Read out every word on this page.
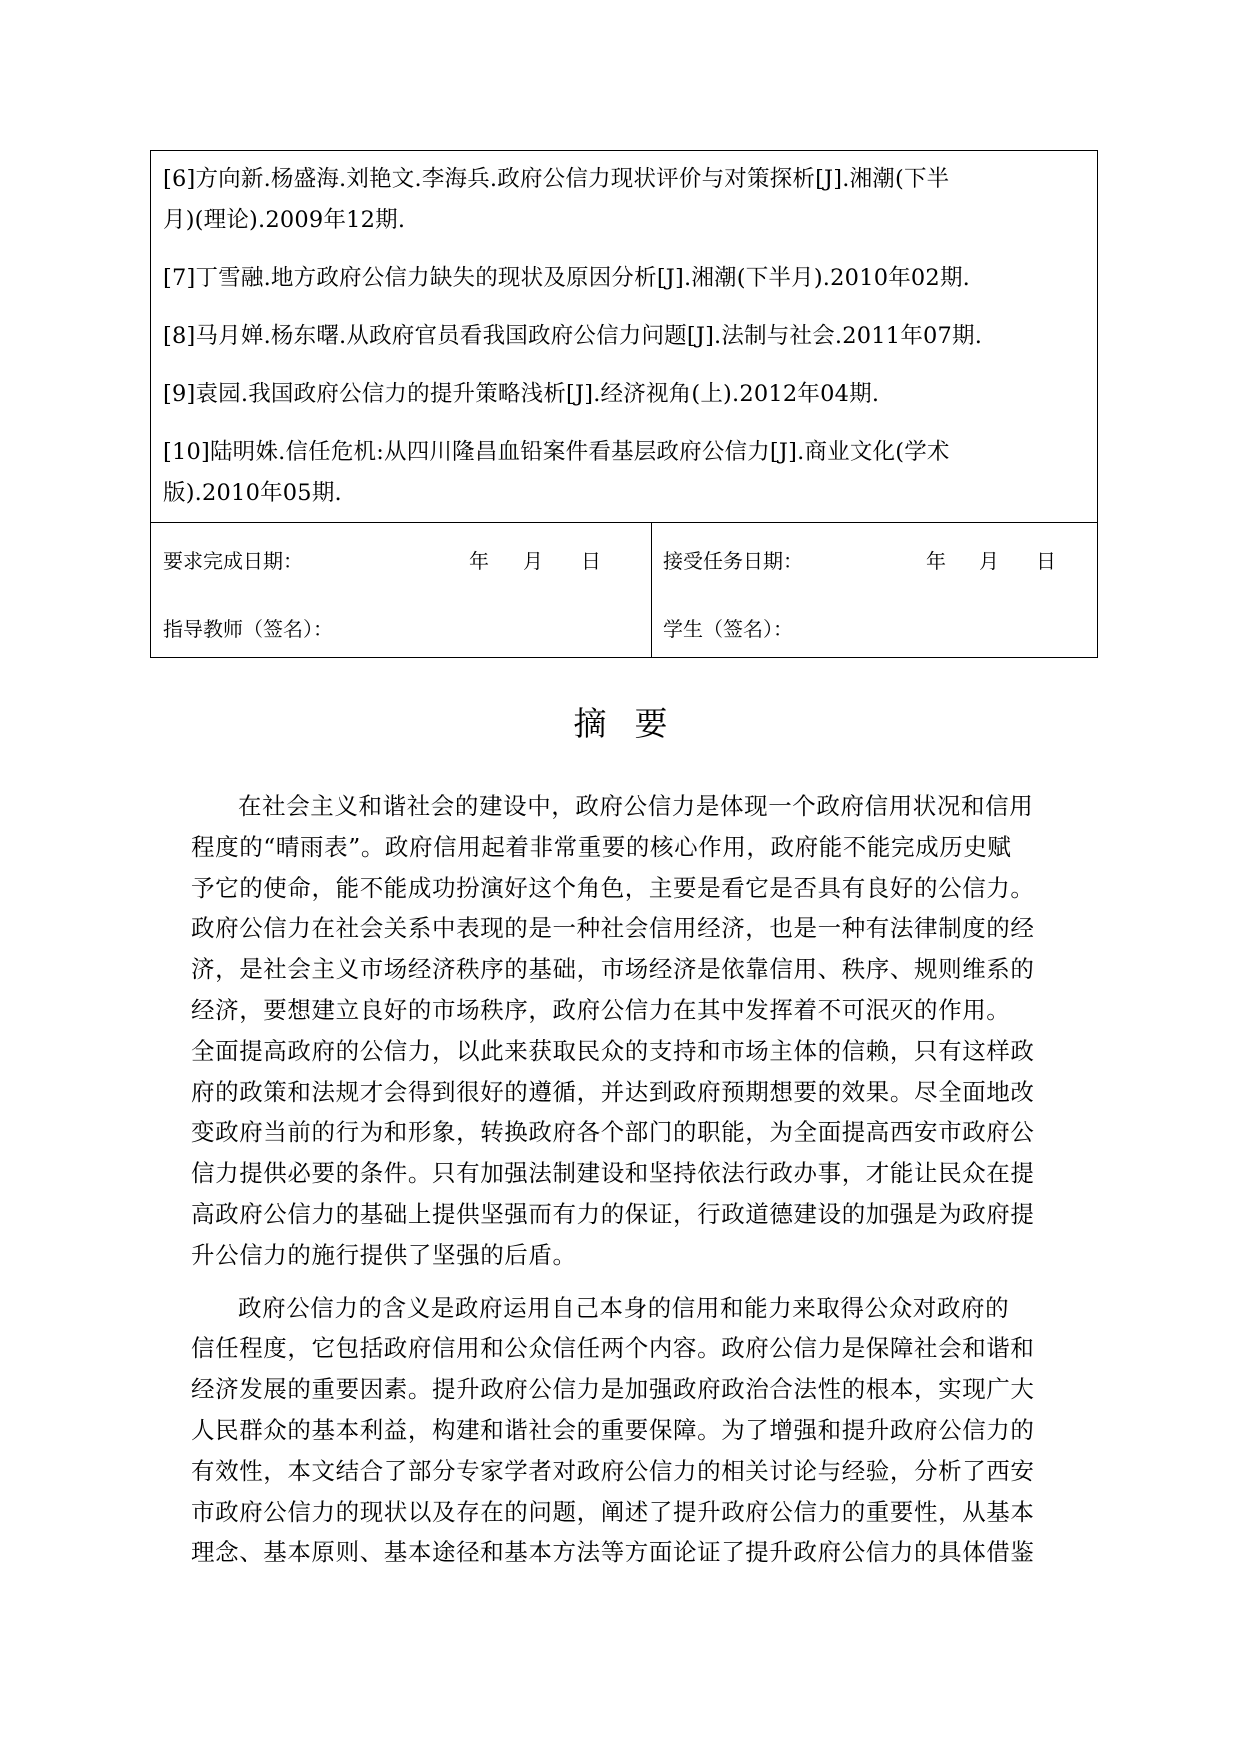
[6]方向新.杨盛海.刘艳文.李海兵.政府公信力现状评价与对策探析[J].湘潮(下半
月)(理论).2009年12期.
[7]丁雪融.地方政府公信力缺失的现状及原因分析[J].湘潮(下半月).2010年02期.
[8]马月婵.杨东曙.从政府官员看我国政府公信力问题[J].法制与社会.2011年07期.
[9]袁园.我国政府公信力的提升策略浅析[J].经济视角(上).2012年04期.
[10]陆明姝.信任危机:从四川隆昌血铅案件看基层政府公信力[J].商业文化(学术
版).2010年05期.
要求完成日期：	年 月 日	接受任务日期：	年 月 日
指导教师（签名）：	学生（签名）：
摘要
在社会主义和谐社会的建设中，政府公信力是体现一个政府信用状况和信用
程度的“晴雨表”。政府信用起着非常重要的核心作用，政府能不能完成历史赋
予它的使命，能不能成功扮演好这个角色，主要是看它是否具有良好的公信力。
政府公信力在社会关系中表现的是一种社会信用经济，也是一种有法律制度的经
济，是社会主义市场经济秩序的基础，市场经济是依靠信用、秩序、规则维系的
经济，要想建立良好的市场秩序，政府公信力在其中发挥着不可泯灭的作用。
全面提高政府的公信力，以此来获取民众的支持和市场主体的信赖，只有这样政
府的政策和法规才会得到很好的遵循，并达到政府预期想要的效果。尽全面地改
变政府当前的行为和形象，转换政府各个部门的职能，为全面提高西安市政府公
信力提供必要的条件。只有加强法制建设和坚持依法行政办事，才能让民众在提
高政府公信力的基础上提供坚强而有力的保证，行政道德建设的加强是为政府提
升公信力的施行提供了坚强的后盾。
政府公信力的含义是政府运用自己本身的信用和能力来取得公众对政府的
信任程度，它包括政府信用和公众信任两个内容。政府公信力是保障社会和谐和
经济发展的重要因素。提升政府公信力是加强政府政治合法性的根本，实现广大
人民群众的基本利益，构建和谐社会的重要保障。为了增强和提升政府公信力的
有效性，本文结合了部分专家学者对政府公信力的相关讨论与经验，分析了西安
市政府公信力的现状以及存在的问题，阐述了提升政府公信力的重要性，从基本
理念、基本原则、基本途径和基本方法等方面论证了提升政府公信力的具体借鉴
